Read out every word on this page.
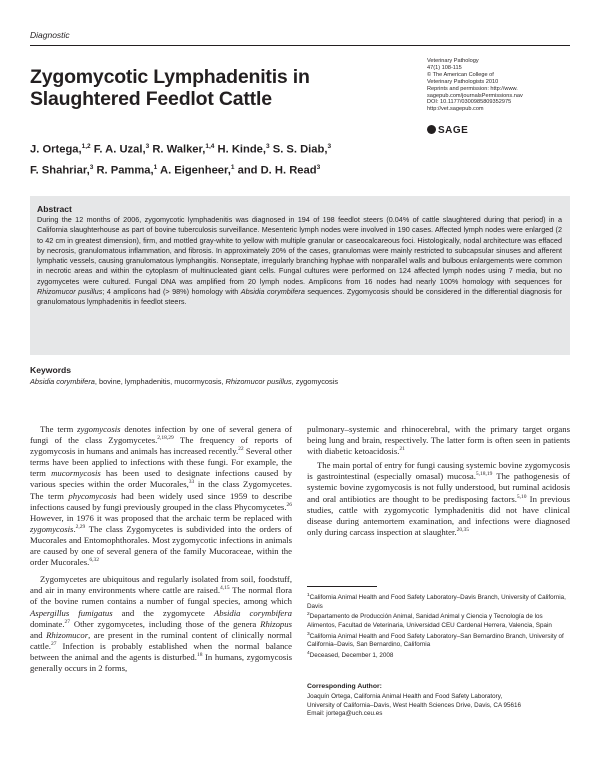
Diagnostic
Zygomycotic Lymphadenitis in Slaughtered Feedlot Cattle
Veterinary Pathology
47(1) 108-115
© The American College of
Veterinary Pathologists 2010
Reprints and permission: http://www.
sagepub.com/journalsPermissions.nav
DOI: 10.1177/0300985809352975
http://vet.sagepub.com
SAGE
J. Ortega,$^{1,2}$ F. A. Uzal,$^3$ R. Walker,$^{1,4}$ H. Kinde,$^3$ S. S. Diab,$^3$
F. Shahriar,$^3$ R. Pamma,$^1$ A. Eigenheer,$^1$ and D. H. Read$^3$
Abstract
During the 12 months of 2006, zygomycotic lymphadenitis was diagnosed in 194 of 198 feedlot steers (0.04% of cattle slaughtered during that period) in a California slaughterhouse as part of bovine tuberculosis surveillance. Mesenteric lymph nodes were involved in 190 cases. Affected lymph nodes were enlarged (2 to 42 cm in greatest dimension), firm, and mottled gray-white to yellow with multiple granular or caseocalcareous foci. Histologically, nodal architecture was effaced by necrosis, granulomatous inflammation, and fibrosis. In approximately 20% of the cases, granulomas were mainly restricted to subcapsular sinuses and afferent lymphatic vessels, causing granulomatous lymphangitis. Nonseptate, irregularly branching hyphae with nonparallel walls and bulbous enlargements were common in necrotic areas and within the cytoplasm of multinucleated giant cells. Fungal cultures were performed on 124 affected lymph nodes using 7 media, but no zygomycetes were cultured. Fungal DNA was amplified from 20 lymph nodes. Amplicons from 16 nodes had nearly 100% homology with sequences for Rhizomucor pusillus; 4 amplicons had (> 98%) homology with Absidia corymbifera sequences. Zygomycosis should be considered in the differential diagnosis for granulomatous lymphadenitis in feedlot steers.
Keywords
Absidia corymbifera, bovine, lymphadenitis, mucormycosis, Rhizomucor pusillus, zygomycosis

The term zygomycosis denotes infection by one of several genera of fungi of the class Zygomycetes.$^{2,18,29}$ The frequency of reports of zygomycosis in humans and animals has increased recently.$^{22}$ Several other terms have been applied to infections with these fungi. For example, the term mucormycosis has been used to designate infections caused by various species within the order Mucorales,$^{33}$ in the class Zygomycetes. The term phycomycosis had been widely used since 1959 to describe infections caused by fungi previously grouped in the class Phycomycetes.$^{26}$ However, in 1976 it was proposed that the archaic term be replaced with zygomycosis.$^{2,29}$ The class Zygomycetes is subdivided into the orders of Mucorales and Entomophthorales. Most zygomycotic infections in animals are caused by one of several genera of the family Mucoraceae, within the order Mucorales.$^{6,32}$

Zygomycetes are ubiquitous and regularly isolated from soil, foodstuff, and air in many environments where cattle are raised.$^{4,15}$ The normal flora of the bovine rumen contains a number of fungal species, among which Aspergillus fumigatus and the zygomycete Absidia corymbifera dominate.$^{27}$ Other zygomycetes, including those of the genera Rhizopus and Rhizomucor, are present in the ruminal content of clinically normal cattle.$^{27}$ Infection is probably established when the normal balance between the animal and the agents is disturbed.$^{18}$ In humans, zygomycosis generally occurs in 2 forms,

pulmonary–systemic and rhinocerebral, with the primary target organs being lung and brain, respectively. The latter form is often seen in patients with diabetic ketoacidosis.$^{21}$

The main portal of entry for fungi causing systemic bovine zygomycosis is gastrointestinal (especially omasal) mucosa.$^{5,18,19}$ The pathogenesis of systemic bovine zygomycosis is not fully understood, but ruminal acidosis and oral antibiotics are thought to be predisposing factors.$^{5,10}$ In previous studies, cattle with zygomycotic lymphadenitis did not have clinical disease during antemortem examination, and infections were diagnosed only during carcass inspection at slaughter.$^{20,35}$

$^1$California Animal Health and Food Safety Laboratory–Davis Branch, University of California, Davis
$^2$Departamento de Producción Animal, Sanidad Animal y Ciencia y Tecnología de los Alimentos, Facultad de Veterinaria, Universidad CEU Cardenal Herrera, Valencia, Spain
$^3$California Animal Health and Food Safety Laboratory–San Bernardino Branch, University of California–Davis, San Bernardino, California
$^4$Deceased, December 1, 2008
Corresponding Author:
Joaquín Ortega, California Animal Health and Food Safety Laboratory,
University of California–Davis, West Health Sciences Drive, Davis, CA 95616
Email: jortega@uch.ceu.es
